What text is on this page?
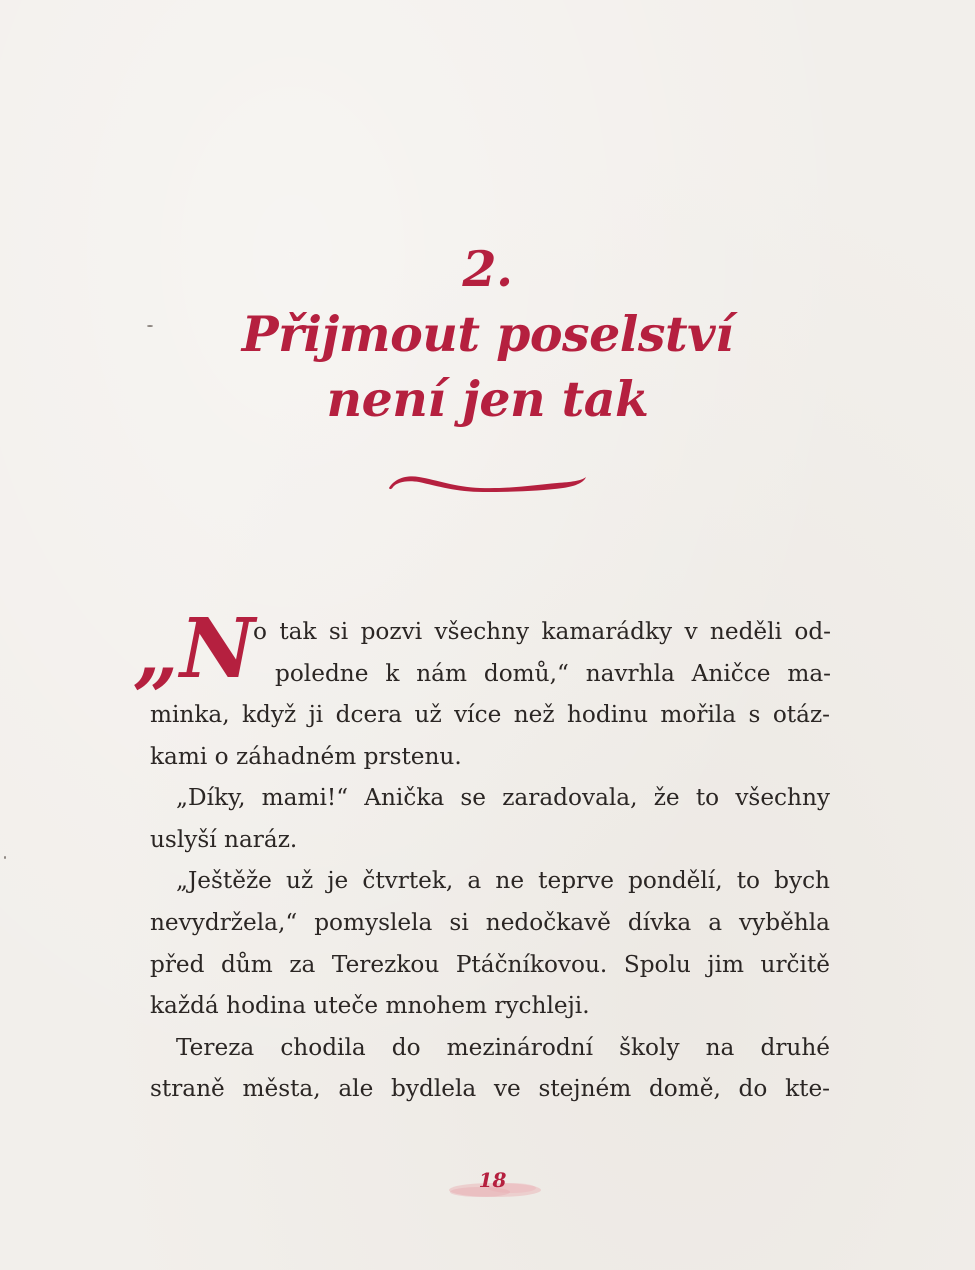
2.
Přijmout poselství
není jen tak
„ N
o tak si pozvi všechny kamarádky v neděli od-
poledne k nám domů,“ navrhla Aničce ma-
minka, když ji dcera už více než hodinu mořila s otáz-
kami o záhadném prstenu.
„Díky, mami!“ Anička se zaradovala, že to všechny
uslyší naráz.
„Ještěže už je čtvrtek, a ne teprve pondělí, to bych
nevydržela,“ pomyslela si nedočkavě dívka a vyběhla
před dům za Terezkou Ptáčníkovou. Spolu jim určitě
každá hodina uteče mnohem rychleji.
Tereza chodila do mezinárodní školy na druhé
straně města, ale bydlela ve stejném domě, do kte-
18
